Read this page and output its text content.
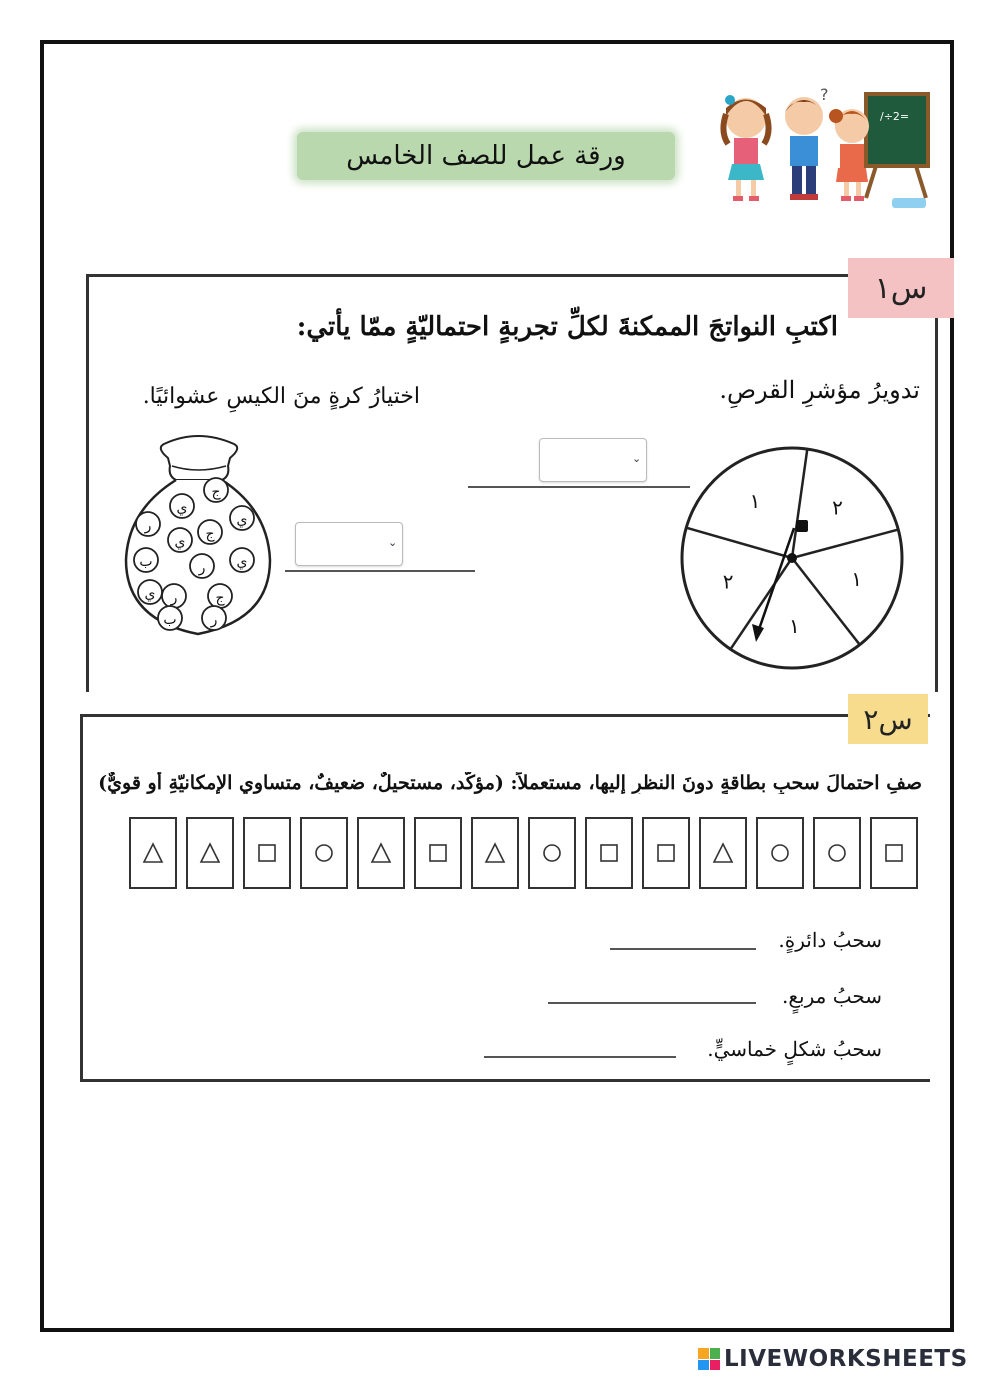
ورقة عمل للصف الخامس
/÷2=
?
س١
اكتبِ النواتجَ الممكنةَ لكلِّ تجربةٍ احتماليّةٍ ممّا يأتي:
تدويرُ مؤشرِ القرصِ.
اختيارُ كرةٍ منَ الكيسِ عشوائيًا.
٢
١
١
٢
١
ج
ي
ي
ر	ج
ي
ب	ر ي
ي ر	ج
ب ر
⌄
⌄
س٢
صفِ احتمالَ سحبِ بطاقةٍ دونَ النظرِ إليها، مستعملاً: (مؤكّد، مستحيلٌ، ضعيفٌ، متساوي الإمكانيّةِ أو قويٌّ)
سحبُ دائرةٍ.
سحبُ مربعٍ.
سحبُ شكلٍ خماسيٍّ.
LIVEWORKSHEETS
